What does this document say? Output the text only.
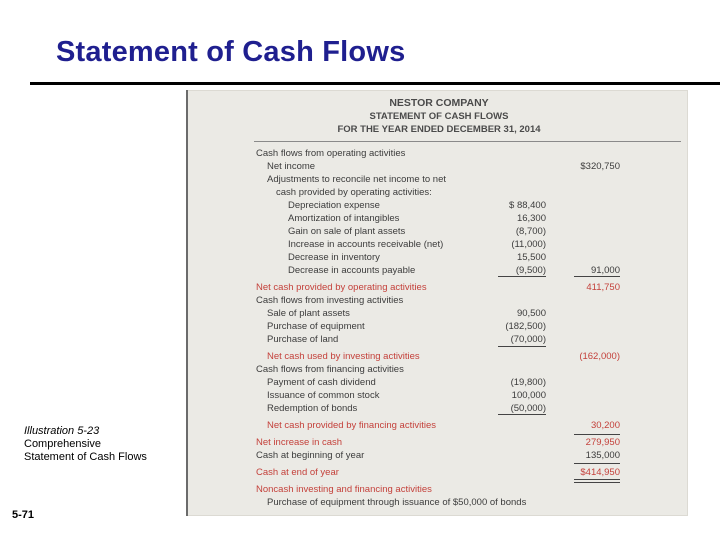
Statement of Cash Flows
NESTOR COMPANY
STATEMENT OF CASH FLOWS
FOR THE YEAR ENDED DECEMBER 31, 2014
Cash flows from operating activities
Net income	$320,750
Adjustments to reconcile net income to net
cash provided by operating activities:
Depreciation expense	$ 88,400
Amortization of intangibles	16,300
Gain on sale of plant assets	(8,700)
Increase in accounts receivable (net)	(11,000)
Decrease in inventory	15,500
Decrease in accounts payable	(9,500)	91,000
Net cash provided by operating activities	411,750
Cash flows from investing activities
Sale of plant assets	90,500
Purchase of equipment	(182,500)
Purchase of land	(70,000)
Net cash used by investing activities	(162,000)
Cash flows from financing activities
Payment of cash dividend	(19,800)
Issuance of common stock	100,000
Redemption of bonds	(50,000)
Net cash provided by financing activities	30,200
Net increase in cash	279,950
Cash at beginning of year	135,000
Cash at end of year	$414,950
Noncash investing and financing activities
Purchase of equipment through issuance of $50,000 of bonds
Illustration 5-23
Comprehensive
Statement of Cash Flows
5-71
